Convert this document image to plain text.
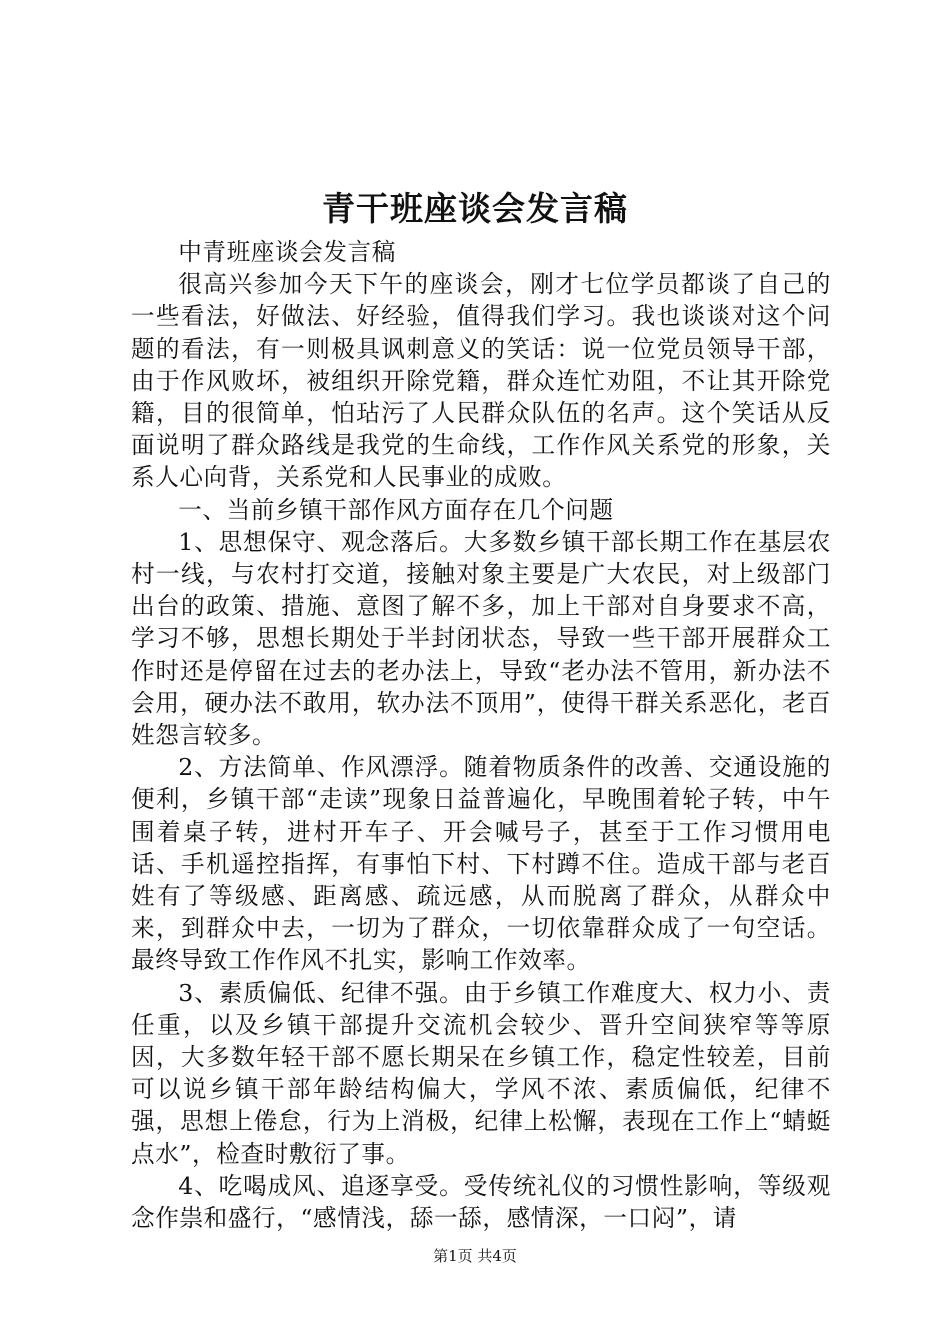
青干班座谈会发言稿

中青班座谈会发言稿

很高兴参加今天下午的座谈会，刚才七位学员都谈了自己的一些看法，好做法、好经验，值得我们学习。我也谈谈对这个问题的看法，有一则极具讽刺意义的笑话：说一位党员领导干部，由于作风败坏，被组织开除党籍，群众连忙劝阻，不让其开除党籍，目的很简单，怕玷污了人民群众队伍的名声。这个笑话从反面说明了群众路线是我党的生命线，工作作风关系党的形象，关系人心向背，关系党和人民事业的成败。

一、当前乡镇干部作风方面存在几个问题

1、思想保守、观念落后。大多数乡镇干部长期工作在基层农村一线，与农村打交道，接触对象主要是广大农民，对上级部门出台的政策、措施、意图了解不多，加上干部对自身要求不高，学习不够，思想长期处于半封闭状态，导致一些干部开展群众工作时还是停留在过去的老办法上，导致“老办法不管用，新办法不会用，硬办法不敢用，软办法不顶用”，使得干群关系恶化，老百姓怨言较多。

2、方法简单、作风漂浮。随着物质条件的改善、交通设施的便利，乡镇干部“走读”现象日益普遍化，早晚围着轮子转，中午围着桌子转，进村开车子、开会喊号子，甚至于工作习惯用电话、手机遥控指挥，有事怕下村、下村蹲不住。造成干部与老百姓有了等级感、距离感、疏远感，从而脱离了群众，从群众中来，到群众中去，一切为了群众，一切依靠群众成了一句空话。最终导致工作作风不扎实，影响工作效率。

3、素质偏低、纪律不强。由于乡镇工作难度大、权力小、责任重，以及乡镇干部提升交流机会较少、晋升空间狭窄等等原因，大多数年轻干部不愿长期呆在乡镇工作，稳定性较差，目前可以说乡镇干部年龄结构偏大，学风不浓、素质偏低，纪律不强，思想上倦怠，行为上消极，纪律上松懈，表现在工作上“蜻蜓点水”，检查时敷衍了事。

4、吃喝成风、追逐享受。受传统礼仪的习惯性影响，等级观念作祟和盛行，“感情浅，舔一舔，感情深，一口闷”，请

第1页 共4页
